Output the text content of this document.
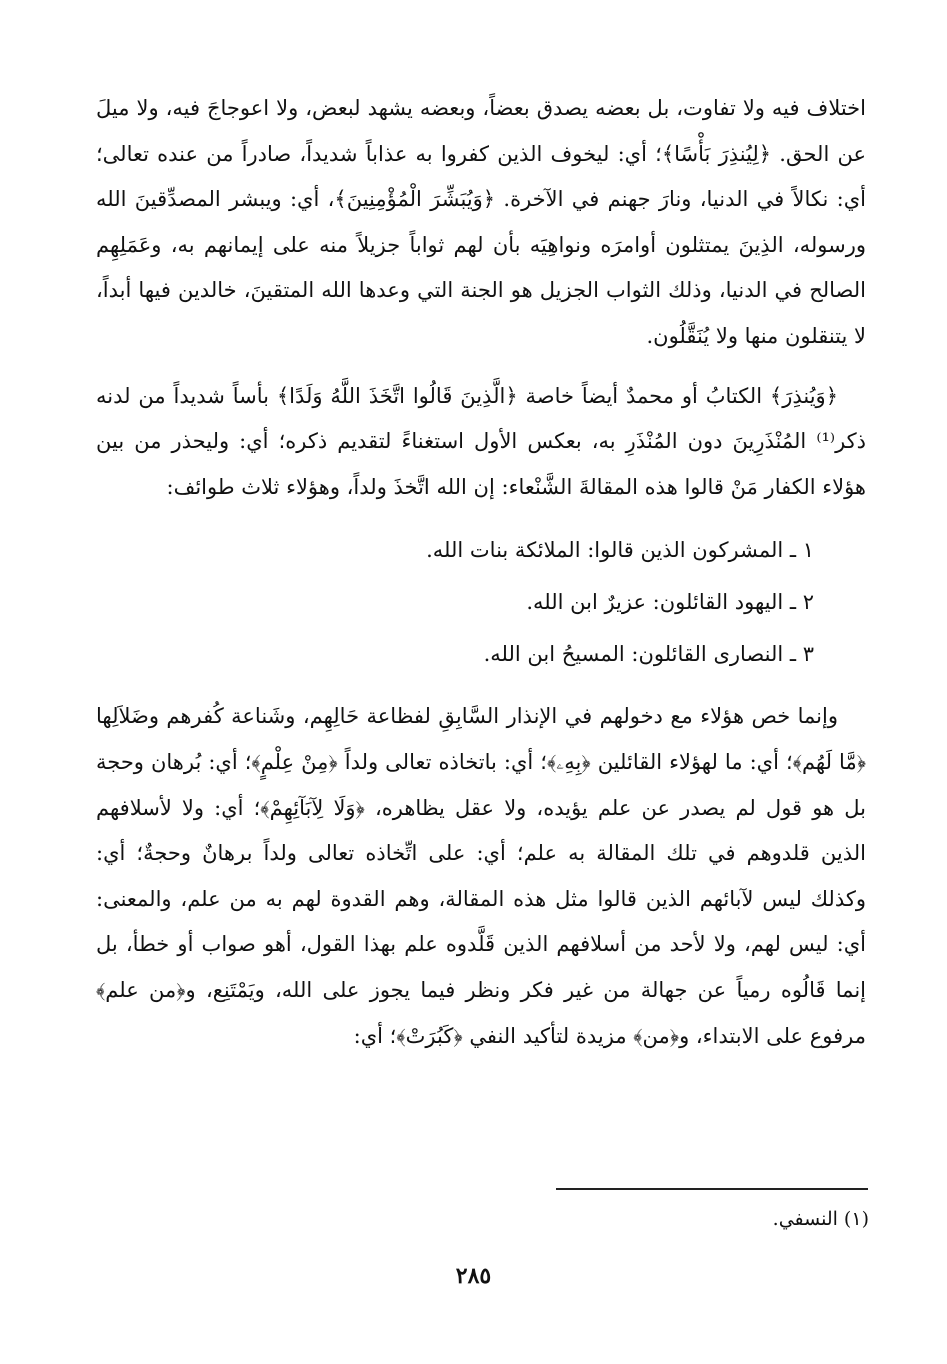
اختلاف فيه ولا تفاوت، بل بعضه يصدق بعضاً، وبعضه يشهد لبعض، ولا اعوجاجَ فيه، ولا ميلَ عن الحق. ﴿لِيُنذِرَ بَأْسًا﴾؛ أي: ليخوف الذين كفروا به عذاباً شديداً، صادراً من عنده تعالى؛ أي: نكالاً في الدنيا، ونارَ جهنم في الآخرة. ﴿وَيُبَشِّرَ الْمُؤْمِنِينَ﴾، أي: ويبشر المصدِّقينَ الله ورسوله، الذِينَ يمتثلون أوامرَه ونواهِيَه بأن لهم ثواباً جزيلاً منه على إيمانهم به، وعَمَلِهِم الصالح في الدنيا، وذلك الثواب الجزيل هو الجنة التي وعدها الله المتقينَ، خالدين فيها أبداً، لا يتنقلون منها ولا يُنَقَّلُون.

﴿وَيُنذِرَ﴾ الكتابُ أو محمدٌ أيضاً خاصة ﴿الَّذِينَ قَالُوا اتَّخَذَ اللَّهُ وَلَدًا﴾ بأساً شديداً من لدنه ذكر⁽¹⁾ المُنْذَرِينَ دون المُنْذَرِ به، بعكس الأول استغناءً لتقديم ذكره؛ أي: وليحذر من بين هؤلاء الكفار مَنْ قالوا هذه المقالةَ الشَّنْعاء: إن الله اتَّخذَ ولداً، وهؤلاء ثلاث طوائف:

١ ـ المشركون الذين قالوا: الملائكة بنات الله.
٢ ـ اليهود القائلون: عزيرٌ ابن الله.
٣ ـ النصارى القائلون: المسيحُ ابن الله.

وإنما خص هؤلاء مع دخولهم في الإنذار السَّابِقِ لفظاعة حَالِهِم، وشَناعة كُفرهم وضَلاَلِها ﴿مَّا لَهُم﴾؛ أي: ما لهؤلاء القائلين ﴿بِهِۦ﴾؛ أي: باتخاذه تعالى ولداً ﴿مِنْ عِلْمٍ﴾؛ أي: بُرهان وحجة بل هو قول لم يصدر عن علم يؤيده، ولا عقل يظاهره، ﴿وَلَا لِآبَآئِهِمْ﴾؛ أي: ولا لأسلافهم الذين قلدوهم في تلك المقالة به علم؛ أي: على اتِّخاذه تعالى ولداً برهانٌ وحجةٌ؛ أي: وكذلك ليس لآبائهم الذين قالوا مثل هذه المقالة، وهم القدوة لهم به من علم، والمعنى: أي: ليس لهم، ولا لأحد من أسلافهم الذين قَلَّدوه علم بهذا القول، أهو صواب أو خطأ، بل إنما قَالُوه رمياً عن جهالة من غير فكر ونظر فيما يجوز على الله، ويَمْتَنِع، و﴿من علم﴾ مرفوع على الابتداء، و﴿من﴾ مزيدة لتأكيد النفي ﴿كَبُرَتْ﴾؛ أي:

(١) النسفي.
٢٨٥
